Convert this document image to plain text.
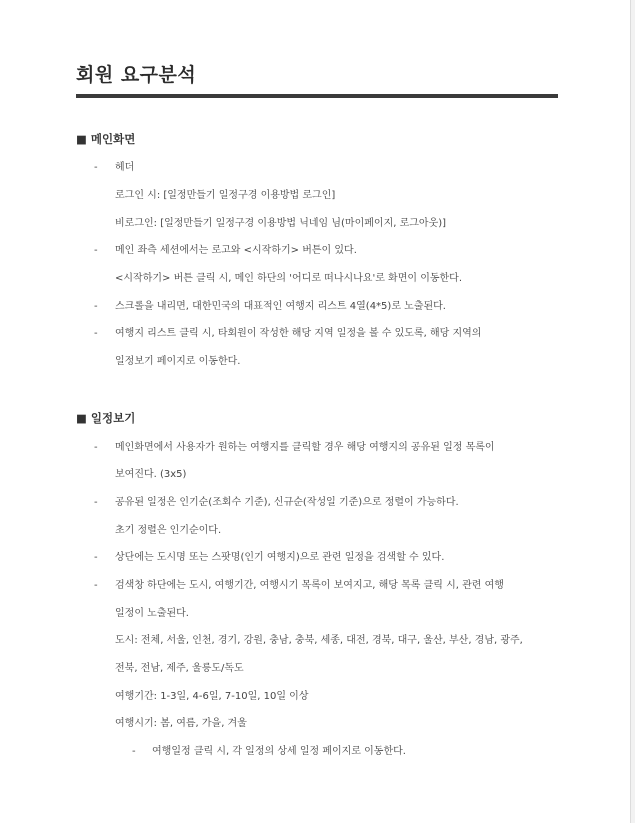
회원 요구분석
■ 메인화면
- 헤더
로그인 시: [일정만들기 일정구경 이용방법 로그인]
비로그인: [일정만들기 일정구경 이용방법 닉네임 님(마이페이지, 로그아웃)]
- 메인 좌측 세션에서는 로고와 <시작하기> 버튼이 있다.
<시작하기> 버튼 클릭 시, 메인 하단의 '어디로 떠나시나요'로 화면이 이동한다.
- 스크롤을 내리면, 대한민국의 대표적인 여행지 리스트 4열(4*5)로 노출된다.
- 여행지 리스트 클릭 시, 타회원이 작성한 해당 지역 일정을 볼 수 있도록, 해당 지역의
일정보기 페이지로 이동한다.
■ 일정보기
- 메인화면에서 사용자가 원하는 여행지를 클릭할 경우 해당 여행지의 공유된 일정 목록이
보여진다. (3x5)
- 공유된 일정은 인기순(조회수 기준), 신규순(작성일 기준)으로 정렬이 가능하다.
초기 정렬은 인기순이다.
- 상단에는 도시명 또는 스팟명(인기 여행지)으로 관련 일정을 검색할 수 있다.
- 검색창 하단에는 도시, 여행기간, 여행시기 목록이 보여지고, 해당 목록 클릭 시, 관련 여행
일정이 노출된다.
도시: 전체, 서울, 인천, 경기, 강원, 충남, 충북, 세종, 대전, 경북, 대구, 울산, 부산, 경남, 광주,
전북, 전남, 제주, 울릉도/독도
여행기간: 1-3일, 4-6일, 7-10일, 10일 이상
여행시기: 봄, 여름, 가을, 겨울
- 여행일정 클릭 시, 각 일정의 상세 일정 페이지로 이동한다.
